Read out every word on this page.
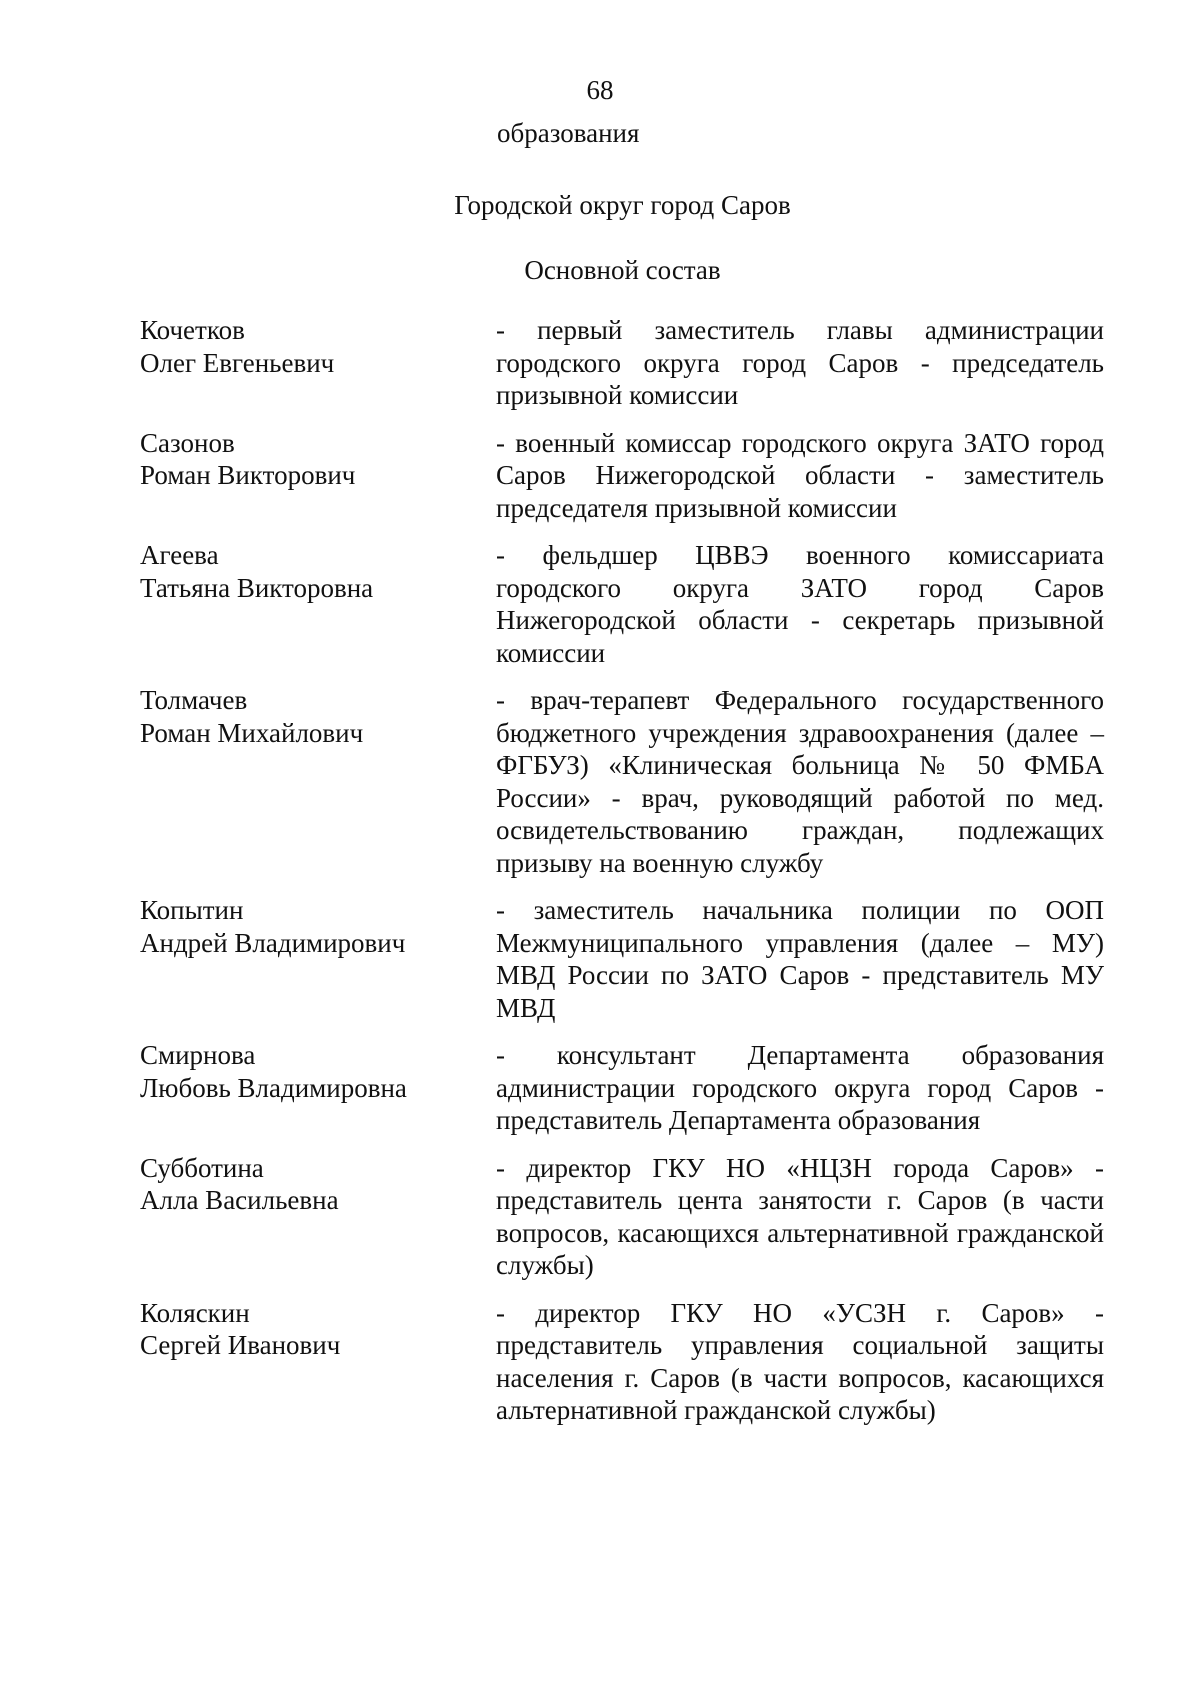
68
образования
Городской округ город Саров
Основной состав
Кочетков
Олег Евгеньевич
- первый заместитель главы администрации городского округа город Саров - председатель призывной комиссии
Сазонов
Роман Викторович
- военный комиссар городского округа ЗАТО город Саров Нижегородской области - заместитель председателя призывной комиссии
Агеева
Татьяна Викторовна
- фельдшер ЦВВЭ военного комиссариата городского округа ЗАТО город Саров Нижегородской области - секретарь призывной комиссии
Толмачев
Роман Михайлович
- врач-терапевт Федерального государственного бюджетного учреждения здравоохранения (далее – ФГБУЗ) «Клиническая больница № 50 ФМБА России» - врач, руководящий работой по мед. освидетельствованию граждан, подлежащих призыву на военную службу
Копытин
Андрей Владимирович
- заместитель начальника полиции по ООП Межмуниципального управления (далее – МУ) МВД России по ЗАТО Саров - представитель МУ МВД
Смирнова
Любовь Владимировна
- консультант Департамента образования администрации городского округа город Саров - представитель Департамента образования
Субботина
Алла Васильевна
- директор ГКУ НО «НЦЗН города Саров» - представитель цента занятости г. Саров (в части вопросов, касающихся альтернативной гражданской службы)
Коляскин
Сергей Иванович
- директор ГКУ НО «УСЗН г. Саров» - представитель управления социальной защиты населения г. Саров (в части вопросов, касающихся альтернативной гражданской службы)
